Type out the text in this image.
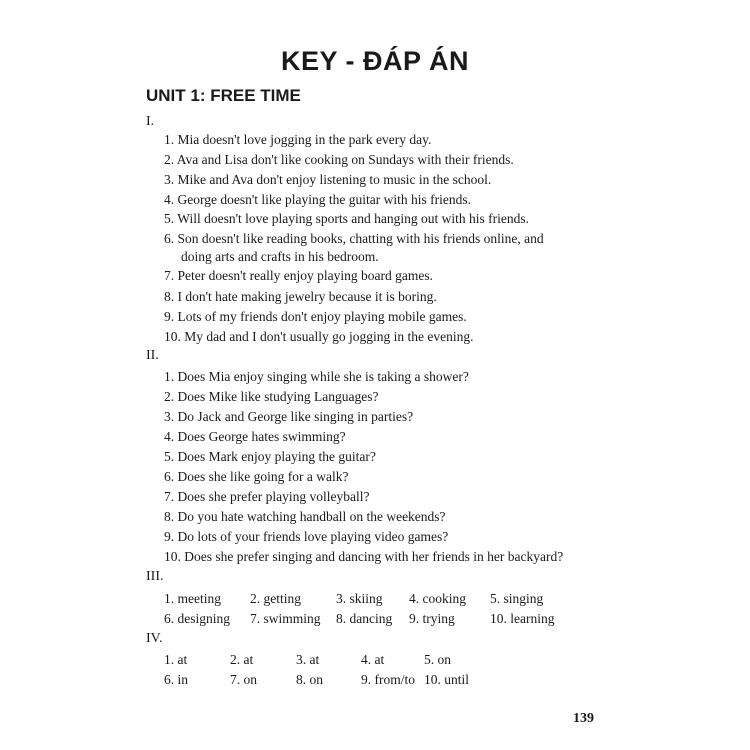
KEY - ĐÁP ÁN
UNIT 1: FREE TIME
I.
1. Mia doesn't love jogging in the park every day.
2. Ava and Lisa don't like cooking on Sundays with their friends.
3. Mike and Ava don't enjoy listening to music in the school.
4. George doesn't like playing the guitar with his friends.
5. Will doesn't love playing sports and hanging out with his friends.
6. Son doesn't like reading books, chatting with his friends online, and
doing arts and crafts in his bedroom.
7. Peter doesn't really enjoy playing board games.
8. I don't hate making jewelry because it is boring.
9. Lots of my friends don't enjoy playing mobile games.
10. My dad and I don't usually go jogging in the evening.
II.
1. Does Mia enjoy singing while she is taking a shower?
2. Does Mike like studying Languages?
3. Do Jack and George like singing in parties?
4. Does George hates swimming?
5. Does Mark enjoy playing the guitar?
6. Does she like going for a walk?
7. Does she prefer playing volleyball?
8. Do you hate watching handball on the weekends?
9. Do lots of your friends love playing video games?
10. Does she prefer singing and dancing with her friends in her backyard?
III.
1. meeting 2. getting	3. skiing 4. cooking 5. singing
6. designing 7. swimming 8. dancing 9. trying	10. learning
IV.
1. at	2. at	3. at	4. at	5. on
6. in	7. on	8. on	9. from/to 10. until
139
